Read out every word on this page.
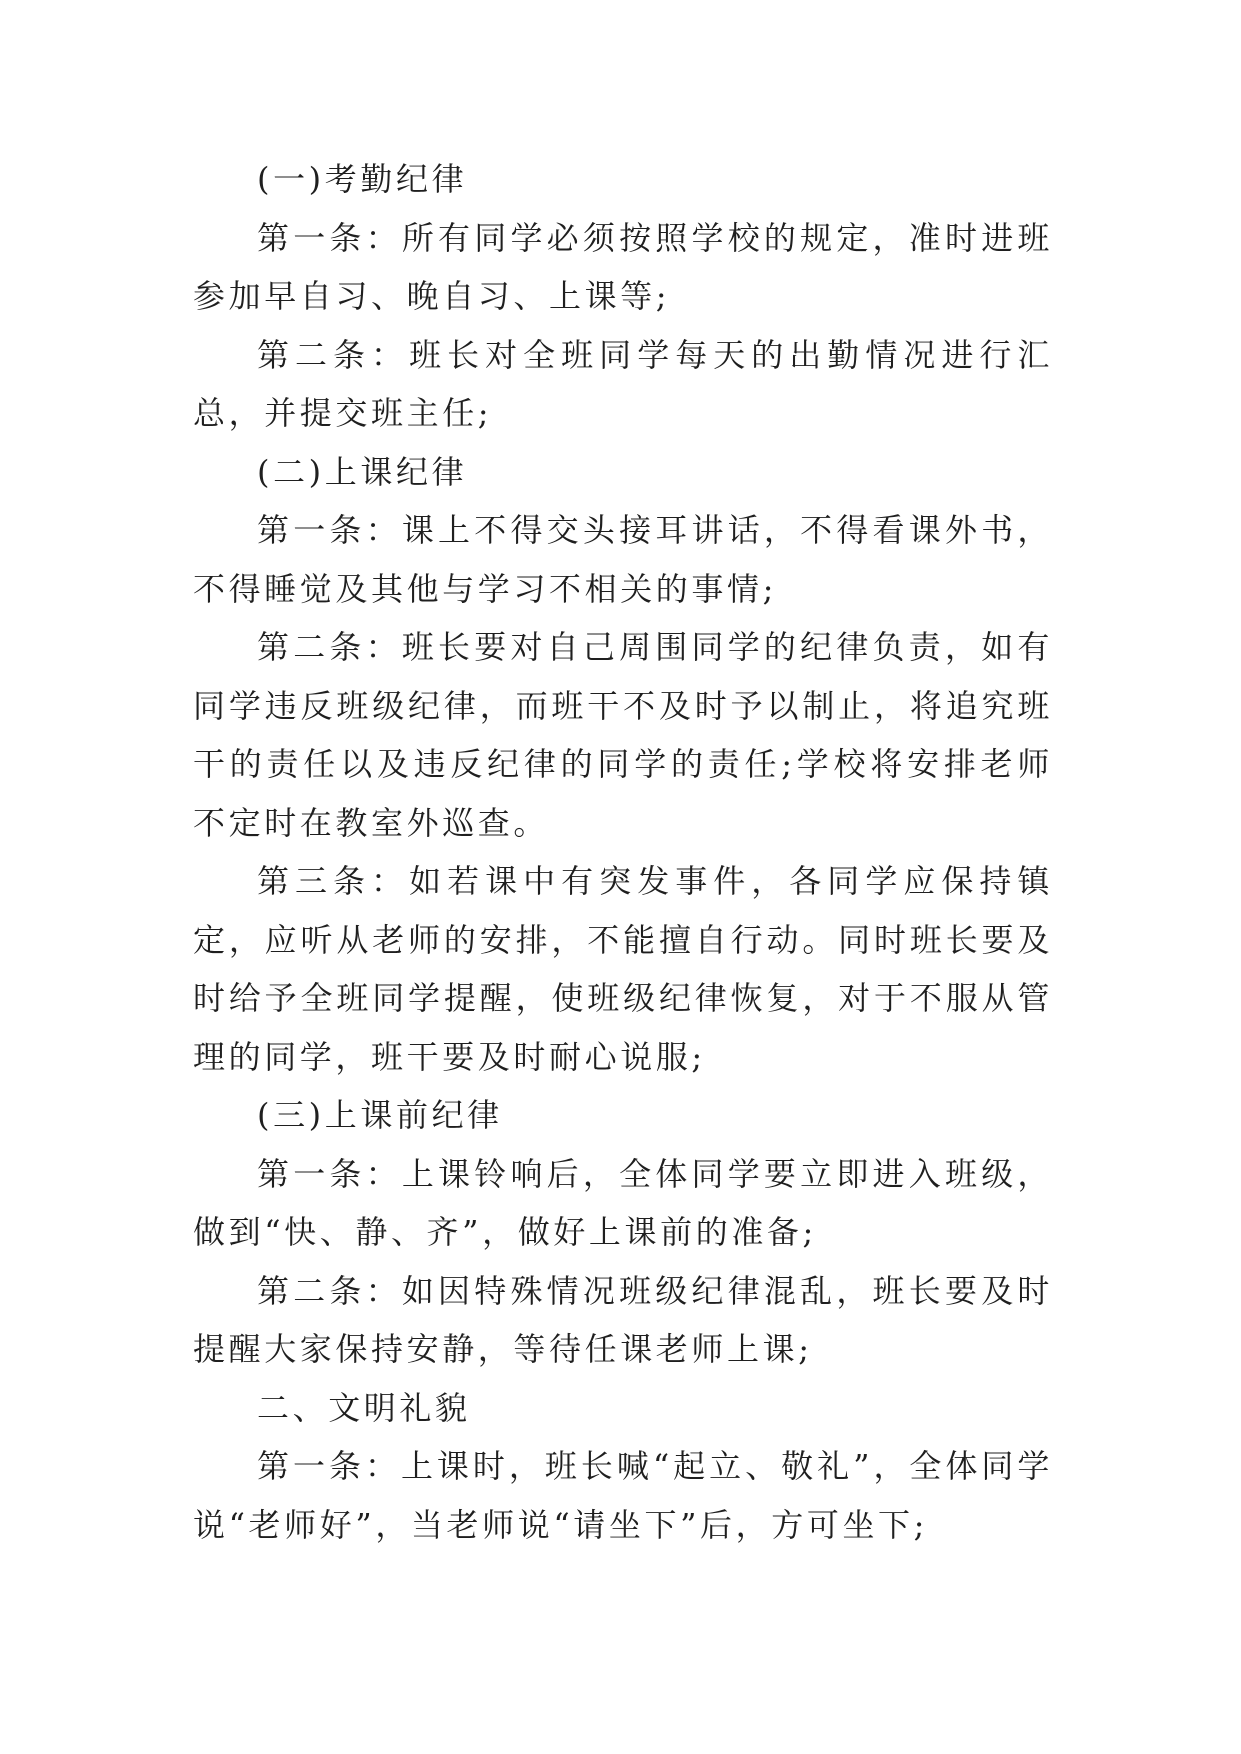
(一)考勤纪律

第一条：所有同学必须按照学校的规定，准时进班参加早自习、晚自习、上课等;

第二条：班长对全班同学每天的出勤情况进行汇总，并提交班主任;

(二)上课纪律

第一条：课上不得交头接耳讲话，不得看课外书，不得睡觉及其他与学习不相关的事情;

第二条：班长要对自己周围同学的纪律负责，如有同学违反班级纪律，而班干不及时予以制止，将追究班干的责任以及违反纪律的同学的责任;学校将安排老师不定时在教室外巡查。

第三条：如若课中有突发事件，各同学应保持镇定，应听从老师的安排，不能擅自行动。同时班长要及时给予全班同学提醒，使班级纪律恢复，对于不服从管理的同学，班干要及时耐心说服;

(三)上课前纪律

第一条：上课铃响后，全体同学要立即进入班级，做到“快、静、齐”，做好上课前的准备;

第二条：如因特殊情况班级纪律混乱，班长要及时提醒大家保持安静，等待任课老师上课;

二、文明礼貌

第一条：上课时，班长喊“起立、敬礼”，全体同学说“老师好”，当老师说“请坐下”后，方可坐下;
